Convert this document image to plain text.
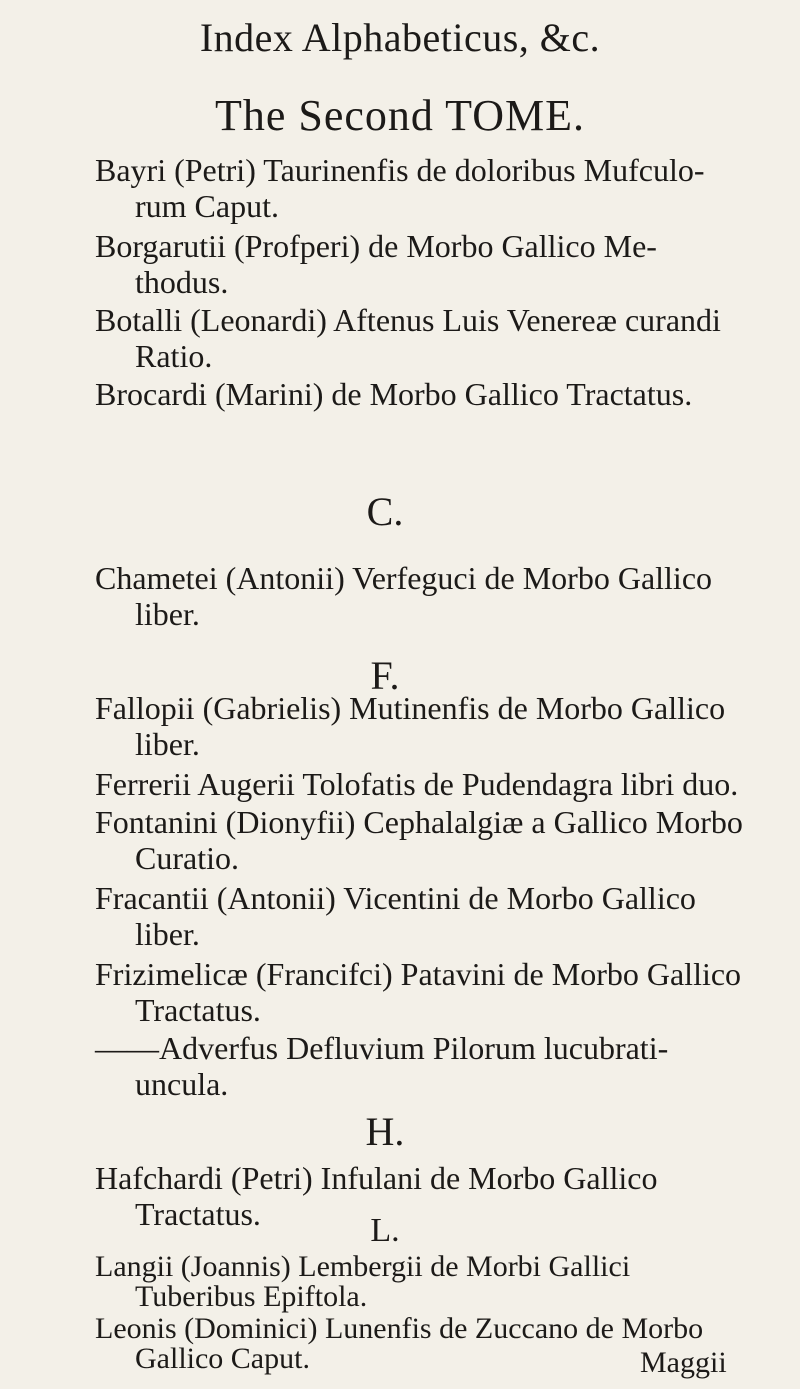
Index Alphabeticus, &c.
The Second TOME.
Bayri (Petri) Taurinenfis de doloribus Mufculo-
rum Caput.
Borgarutii (Profperi) de Morbo Gallico Me-
thodus.
Botalli (Leonardi) Aftenus Luis Venereæ curandi
Ratio.
Brocardi (Marini) de Morbo Gallico Tractatus.
C.
Chametei (Antonii) Verfeguci de Morbo Gallico
liber.
F.
Fallopii (Gabrielis) Mutinenfis de Morbo Gallico
liber.
Ferrerii Augerii Tolofatis de Pudendagra libri duo.
Fontanini (Dionyfii) Cephalalgiæ a Gallico Morbo
Curatio.
Fracantii (Antonii) Vicentini de Morbo Gallico
liber.
Frizimelicæ (Francifci) Patavini de Morbo Gallico
Tractatus.
——Adverfus Defluvium Pilorum lucubrati-
uncula.
H.
Hafchardi (Petri) Infulani de Morbo Gallico
Tractatus.	L.
Langii (Joannis) Lembergii de Morbi Gallici
Tuberibus Epiftola.
Leonis (Dominici) Lunenfis de Zuccano de Morbo
Gallico Caput.	Maggii
